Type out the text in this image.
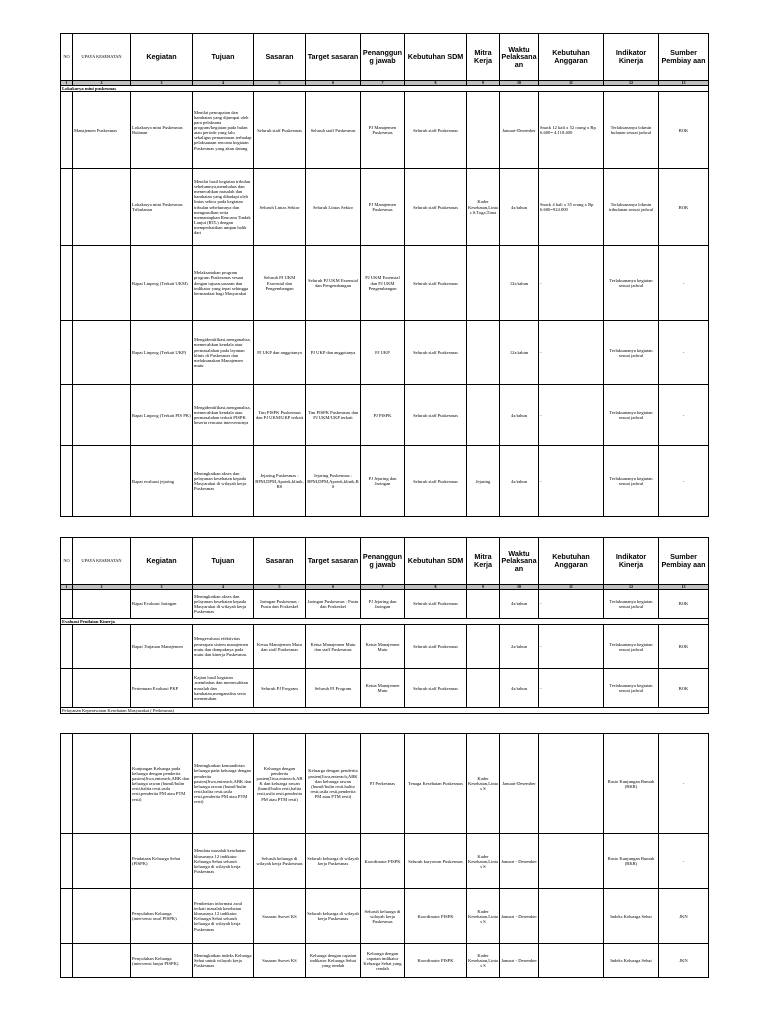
NO	UPAYA KESEHATAN	Kegiatan	Tujuan	Sasaran	Target sasaran	Penanggun g jawab	Kebutuhan SDM	Mitra Kerja	Waktu Pelaksana an	Kebutuhan Anggaran	Indikator Kinerja	Sumber Pembiay aan
1	2	3	4	5	6	7	8	9	10	11	12	13
Lokakarya mini puskesmas												
	Manajemen Puskesmas	Lokakarya mini Puskesmas Bulanan	Menilai pencapaian dan hambatan yang dijumpai oleh para pelaksana program/kegiatan pada bulan atau periode yang lalu sekaligus pemantauan terhadap pelaksanaan rencana kegiatan Puskesmas yang akan datang	Seluruh staff Puskesmas	Seluruh staff Puskesmas	PJ Manajemen Puskesmas	Seluruh staff Puskesmas		Januari-Desember	Snack 12 kali x 52 orang x Rp 6.600= 4.118.400	Terlaksananya lokmin bulanan sesuai jadwal	BOK
		Lokakarya mini Puskesmas Tribulanan	Menilai hasil kegiatan tribulan sebelumnya,membahas dan memecahkan masalah dan hambatan yang dihadapi oleh lintas sektor pada kegiatan tribulan sebelumnya dan mengusulkan serta memantapkan Rencana Tindak Lanjut (RTL) dengan memperhatikan umpan balik dari	Seluruh Lintas Sektor	Seluruh Lintas Sektor	PJ Manajemen Puskesmas	Seluruh staff Puskesmas	Kader Kesehatan,Lintas S,Toga,Tima	4x/tahun	Snack 4 kali x 35 orang x Rp 6.600=924.000	Terlaksananya lokmin tribulanan sesuai jadwal	BOK
		Rapat Linprog (Terkait UKM)	Melaksanakan program program Puskesmas sesuai dengan tujuan,sasaran dan indikator yang tepat sehingga bermanfaat bagi Masyarakat	Seluruh PJ UKM Essensial dan Pengembangan	Seluruh PJ UKM Essensial dan Pengembangan	PJ UKM Essensial dan PJ UKM Pengembangan	Seluruh staff Puskesmas		12x/tahun	-	Terlaksananya kegiatan sesuai jadwal	-
		Rapat Linprog (Terkait UKP)	Mengidentifikasi,menganalisa,memecahkan kendala atau permasalahan pada layanan klinis di Puskesmas dan melaksanakan Manajemen mutu	PJ UKP dan anggotanya	PJ UKP dan anggotanya	PJ UKP	Seluruh staff Puskesmas		12x/tahun	-	Terlaksananya kegiatan sesuai jadwal	-
		Rapat Linprog (Terkait PIS PK)	Mengidentifikasi,menganalisa,memecahkan kendala atau permasalahan terkait PISPK beserta rencana intervensinya	Tim PISPK Puskesmas dan PJ UKM/UKP terkait	Tim PISPK Puskesmas dan PJ UKM/UKP terkait	PJ PISPK	Seluruh staff Puskesmas		4x/tahun	-	Terlaksananya kegiatan sesuai jadwal	-
		Rapat evaluasi jejaring	Meningkatkan akses dan pelayanan kesehatan kepada Masyarakat di wilayah kerja Puskesmas	Jejaring Puskesmas : BPM,DPM,Apotek,klinik,RS	Jejaring Puskesmas : BPM,DPM,Apotek,klinik,RS	PJ Jejaring dan Jaringan	Seluruh staff Puskesmas	Jejaring	4x/tahun	-	Terlaksananya kegiatan sesuai jadwal	-
NO	UPAYA KESEHATAN	Kegiatan	Tujuan	Sasaran	Target sasaran	Penanggun g jawab	Kebutuhan SDM	Mitra Kerja	Waktu Pelaksana an	Kebutuhan Anggaran	Indikator Kinerja	Sumber Pembiay aan
1	2	3	4	5	6	7	8	9	10	11	12	13
		Rapat Evaluasi Jaringan	Meningkatkan akses dan pelayanan kesehatan kepada Masyarakat di wilayah kerja Puskesmas	Jaringan Puskesmas : Pustu dan Poskeskel	Jaringan Puskesmas : Pustu dan Poskeskel	PJ Jejaring dan Jaringan	Seluruh staff Puskesmas		4x/tahun	-	Terlaksananya kegiatan sesuai jadwal	BOK
Evaluasi Penilaian Kinerja												
		Rapat Tinjauan Manajemen	Mengevaluasi efektivitas penerapan sistem manajemen mutu dan dampaknya pada mutu dan kinerja Puskesmas	Ketua Manajemen Mutu dan staff Puskesmas	Ketua Manajemen Mutu dan staff Puskesmas	Ketua Manajemen Mutu	Seluruh staff Puskesmas		2x/tahun	-	Terlaksananya kegiatan sesuai jadwal	BOK
		Pertemuan Evaluasi PKP	Kajian hasil kegiatan ,membahas dan memecahkan masalah dan hambatan,menganalisa serta menentukan	Seluruh PJ Program	Seluruh PJ Program	Ketua Manajemen Mutu	Seluruh staff Puskesmas		4x/tahun	-	Terlaksananya kegiatan sesuai jadwal	BOK
Pelayanan Keperawatan Kesehatan Masyarakat ( Perkesmas)												

		Kunjungan Keluarga pada keluarga dengan penderita pasien(Jiwa,entreach,ABK dan keluarga rawan (bumil/bulin resti,balita resti,usila resti,penderita PM atau PTM resti)	Meningkatkan kemandirian keluarga pada keluarga dengan penderita pasien(Jiwa,entreach,ABK dan keluarga rawan (bumil/bulin resti,balita resti,usila resti,penderita PM atau PTM resti)	Keluarga dengan penderita pasien(Jiwa,entreach,ABK dan keluarga rawan (bumil/bulin resti,balita resti,usila resti,penderita PM atau PTM resti)	Keluarga dengan penderita pasien(Jiwa,entreach,ABK dan keluarga rawan (bumil/bulin resti,balita resti,usila resti,penderita PM atau PTM resti)	PJ Perkesmas	Tenaga Kesehatan Puskesmas	Kader Kesehatan,Lintas S	Januari-Desember		Rasio Kunjungan Rumah (RKR)	-
		Pendataan Keluarga Sehat (PISPK)	Mendata masalah kesehatan khususnya 12 indikator Keluarga Sehat seluruh keluarga di wilayah kerja Puskesmas	Seluruh keluarga di wilayah kerja Puskesmas	Seluruh keluarga di wilayah kerja Puskesmas	Koordinator PISPK	Seluruh karyawan Puskesmas	Kader Kesehatan,Lintas S	Januari - Desember		Rasio Kunjungan Rumah (RKR)	-
		Penyuluhan Keluarga (intervensi awal PISPK)	Pemberian informasi awal terkait masalah kesehatan khususnya 12 indikator Keluarga Sehat seluruh keluarga di wilayah kerja Puskesmas	Sasaran Survei KS	Seluruh keluarga di wilayah kerja Puskesmas	Seluruh keluarga di wilayah kerja Puskesmas	Koordinator PISPK	Kader Kesehatan,Lintas S	Januari - Desember		Indeks Keluarga Sehat	JKN
		Penyuluhan Keluarga (intervensi lanjut PISPK)	Meningkatkan indeks Keluarga Sehat untuk wilayah kerja Puskesmas	Sasaran Survei KS	Keluarga dengan capaian indikator Keluarga Sehat yang rendah	Keluarga dengan capaian indikator Keluarga Sehat yang rendah	Koordinator PISPK	Kader Kesehatan,Lintas S	Januari - Desember		Indeks Keluarga Sehat	JKN
